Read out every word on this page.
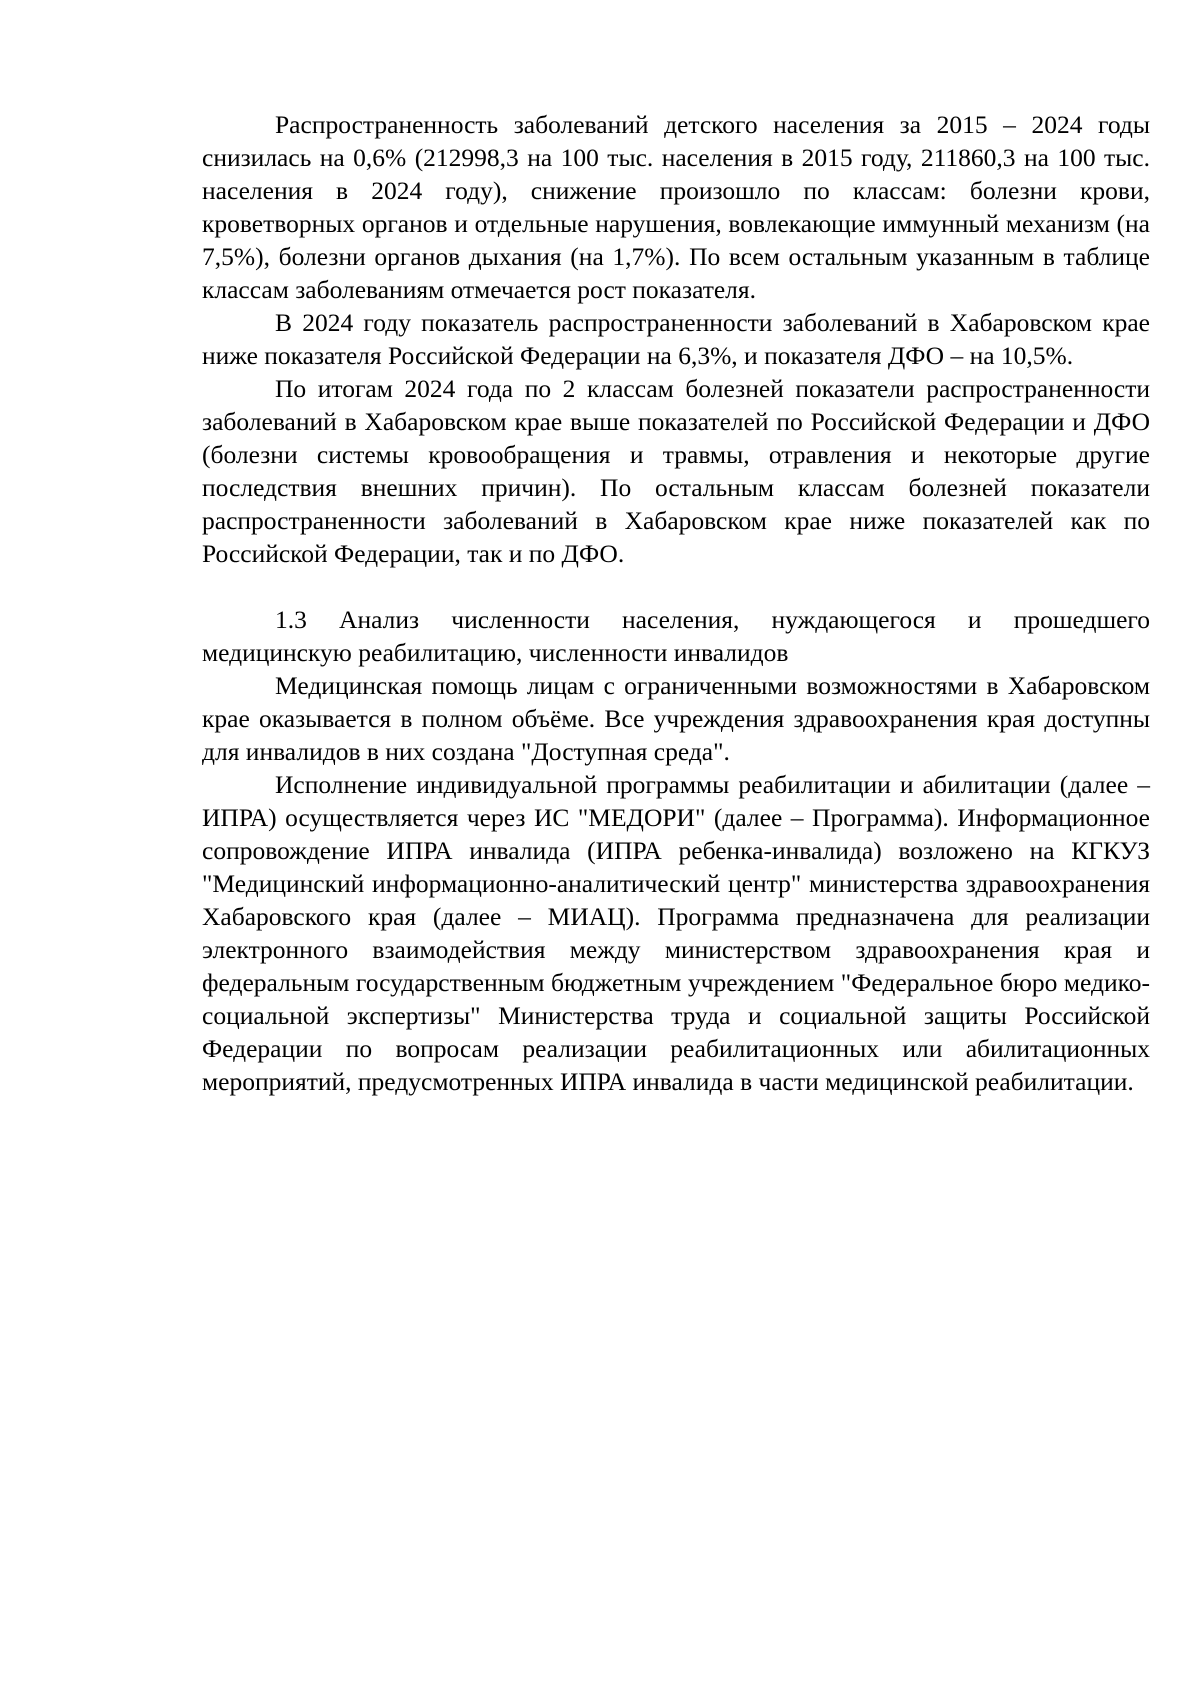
Распространенность заболеваний детского населения за 2015 – 2024 годы снизилась на 0,6% (212998,3 на 100 тыс. населения в 2015 году, 211860,3 на 100 тыс. населения в 2024 году), снижение произошло по классам: болезни крови, кроветворных органов и отдельные нарушения, вовлекающие иммунный механизм (на 7,5%), болезни органов дыхания (на 1,7%). По всем остальным указанным в таблице классам заболеваниям отмечается рост показателя.

В 2024 году показатель распространенности заболеваний в Хабаровском крае ниже показателя Российской Федерации на 6,3%, и показателя ДФО – на 10,5%.

По итогам 2024 года по 2 классам болезней показатели распространенности заболеваний в Хабаровском крае выше показателей по Российской Федерации и ДФО (болезни системы кровообращения и травмы, отравления и некоторые другие последствия внешних причин). По остальным классам болезней показатели распространенности заболеваний в Хабаровском крае ниже показателей как по Российской Федерации, так и по ДФО.

1.3 Анализ численности населения, нуждающегося и прошедшего медицинскую реабилитацию, численности инвалидов

Медицинская помощь лицам с ограниченными возможностями в Хабаровском крае оказывается в полном объёме. Все учреждения здравоохранения края доступны для инвалидов в них создана "Доступная среда".

Исполнение индивидуальной программы реабилитации и абилитации (далее – ИПРА) осуществляется через ИС "МЕДОРИ" (далее – Программа). Информационное сопровождение ИПРА инвалида (ИПРА ребенка-инвалида) возложено на КГКУЗ "Медицинский информационно-аналитический центр" министерства здравоохранения Хабаровского края (далее – МИАЦ). Программа предназначена для реализации электронного взаимодействия между министерством здравоохранения края и федеральным государственным бюджетным учреждением "Федеральное бюро медико-социальной экспертизы" Министерства труда и социальной защиты Российской Федерации по вопросам реализации реабилитационных или абилитационных мероприятий, предусмотренных ИПРА инвалида в части медицинской реабилитации.
